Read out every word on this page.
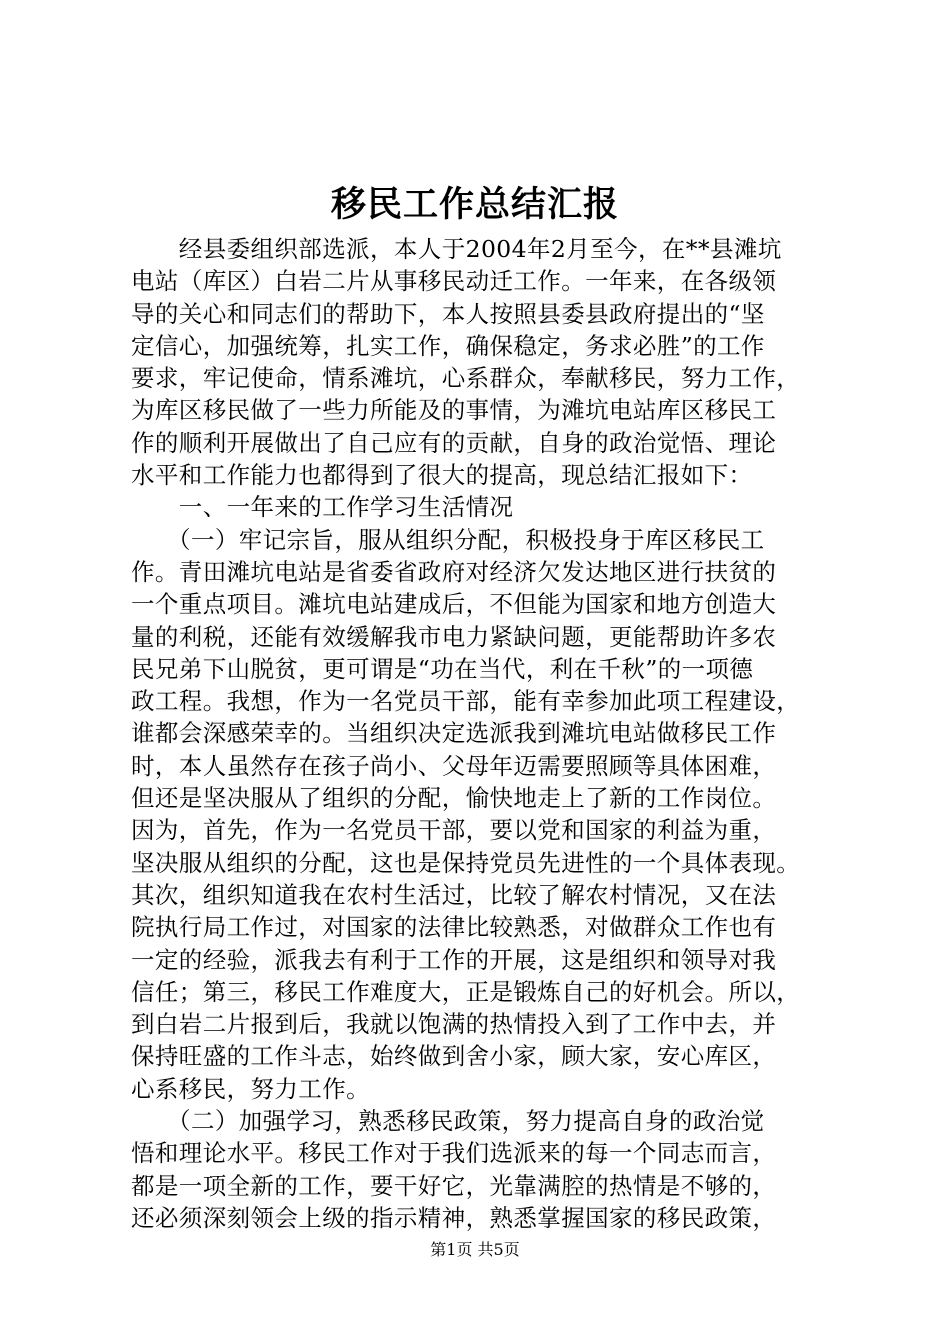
移民工作总结汇报
　　经县委组织部选派，本人于2004年2月至今，在**县滩坑
电站（库区）白岩二片从事移民动迁工作。一年来，在各级领
导的关心和同志们的帮助下，本人按照县委县政府提出的“坚
定信心，加强统筹，扎实工作，确保稳定，务求必胜”的工作
要求，牢记使命，情系滩坑，心系群众，奉献移民，努力工作，
为库区移民做了一些力所能及的事情，为滩坑电站库区移民工
作的顺利开展做出了自己应有的贡献，自身的政治觉悟、理论
水平和工作能力也都得到了很大的提高，现总结汇报如下：
　　一、一年来的工作学习生活情况
　　（一）牢记宗旨，服从组织分配，积极投身于库区移民工
作。青田滩坑电站是省委省政府对经济欠发达地区进行扶贫的
一个重点项目。滩坑电站建成后，不但能为国家和地方创造大
量的利税，还能有效缓解我市电力紧缺问题，更能帮助许多农
民兄弟下山脱贫，更可谓是“功在当代，利在千秋”的一项德
政工程。我想，作为一名党员干部，能有幸参加此项工程建设，
谁都会深感荣幸的。当组织决定选派我到滩坑电站做移民工作
时，本人虽然存在孩子尚小、父母年迈需要照顾等具体困难，
但还是坚决服从了组织的分配，愉快地走上了新的工作岗位。
因为，首先，作为一名党员干部，要以党和国家的利益为重，
坚决服从组织的分配，这也是保持党员先进性的一个具体表现。
其次，组织知道我在农村生活过，比较了解农村情况，又在法
院执行局工作过，对国家的法律比较熟悉，对做群众工作也有
一定的经验，派我去有利于工作的开展，这是组织和领导对我
信任；第三，移民工作难度大，正是锻炼自己的好机会。所以，
到白岩二片报到后，我就以饱满的热情投入到了工作中去，并
保持旺盛的工作斗志，始终做到舍小家，顾大家，安心库区，
心系移民，努力工作。
　　（二）加强学习，熟悉移民政策，努力提高自身的政治觉
悟和理论水平。移民工作对于我们选派来的每一个同志而言，
都是一项全新的工作，要干好它，光靠满腔的热情是不够的，
还必须深刻领会上级的指示精神，熟悉掌握国家的移民政策，
第1页 共5页
